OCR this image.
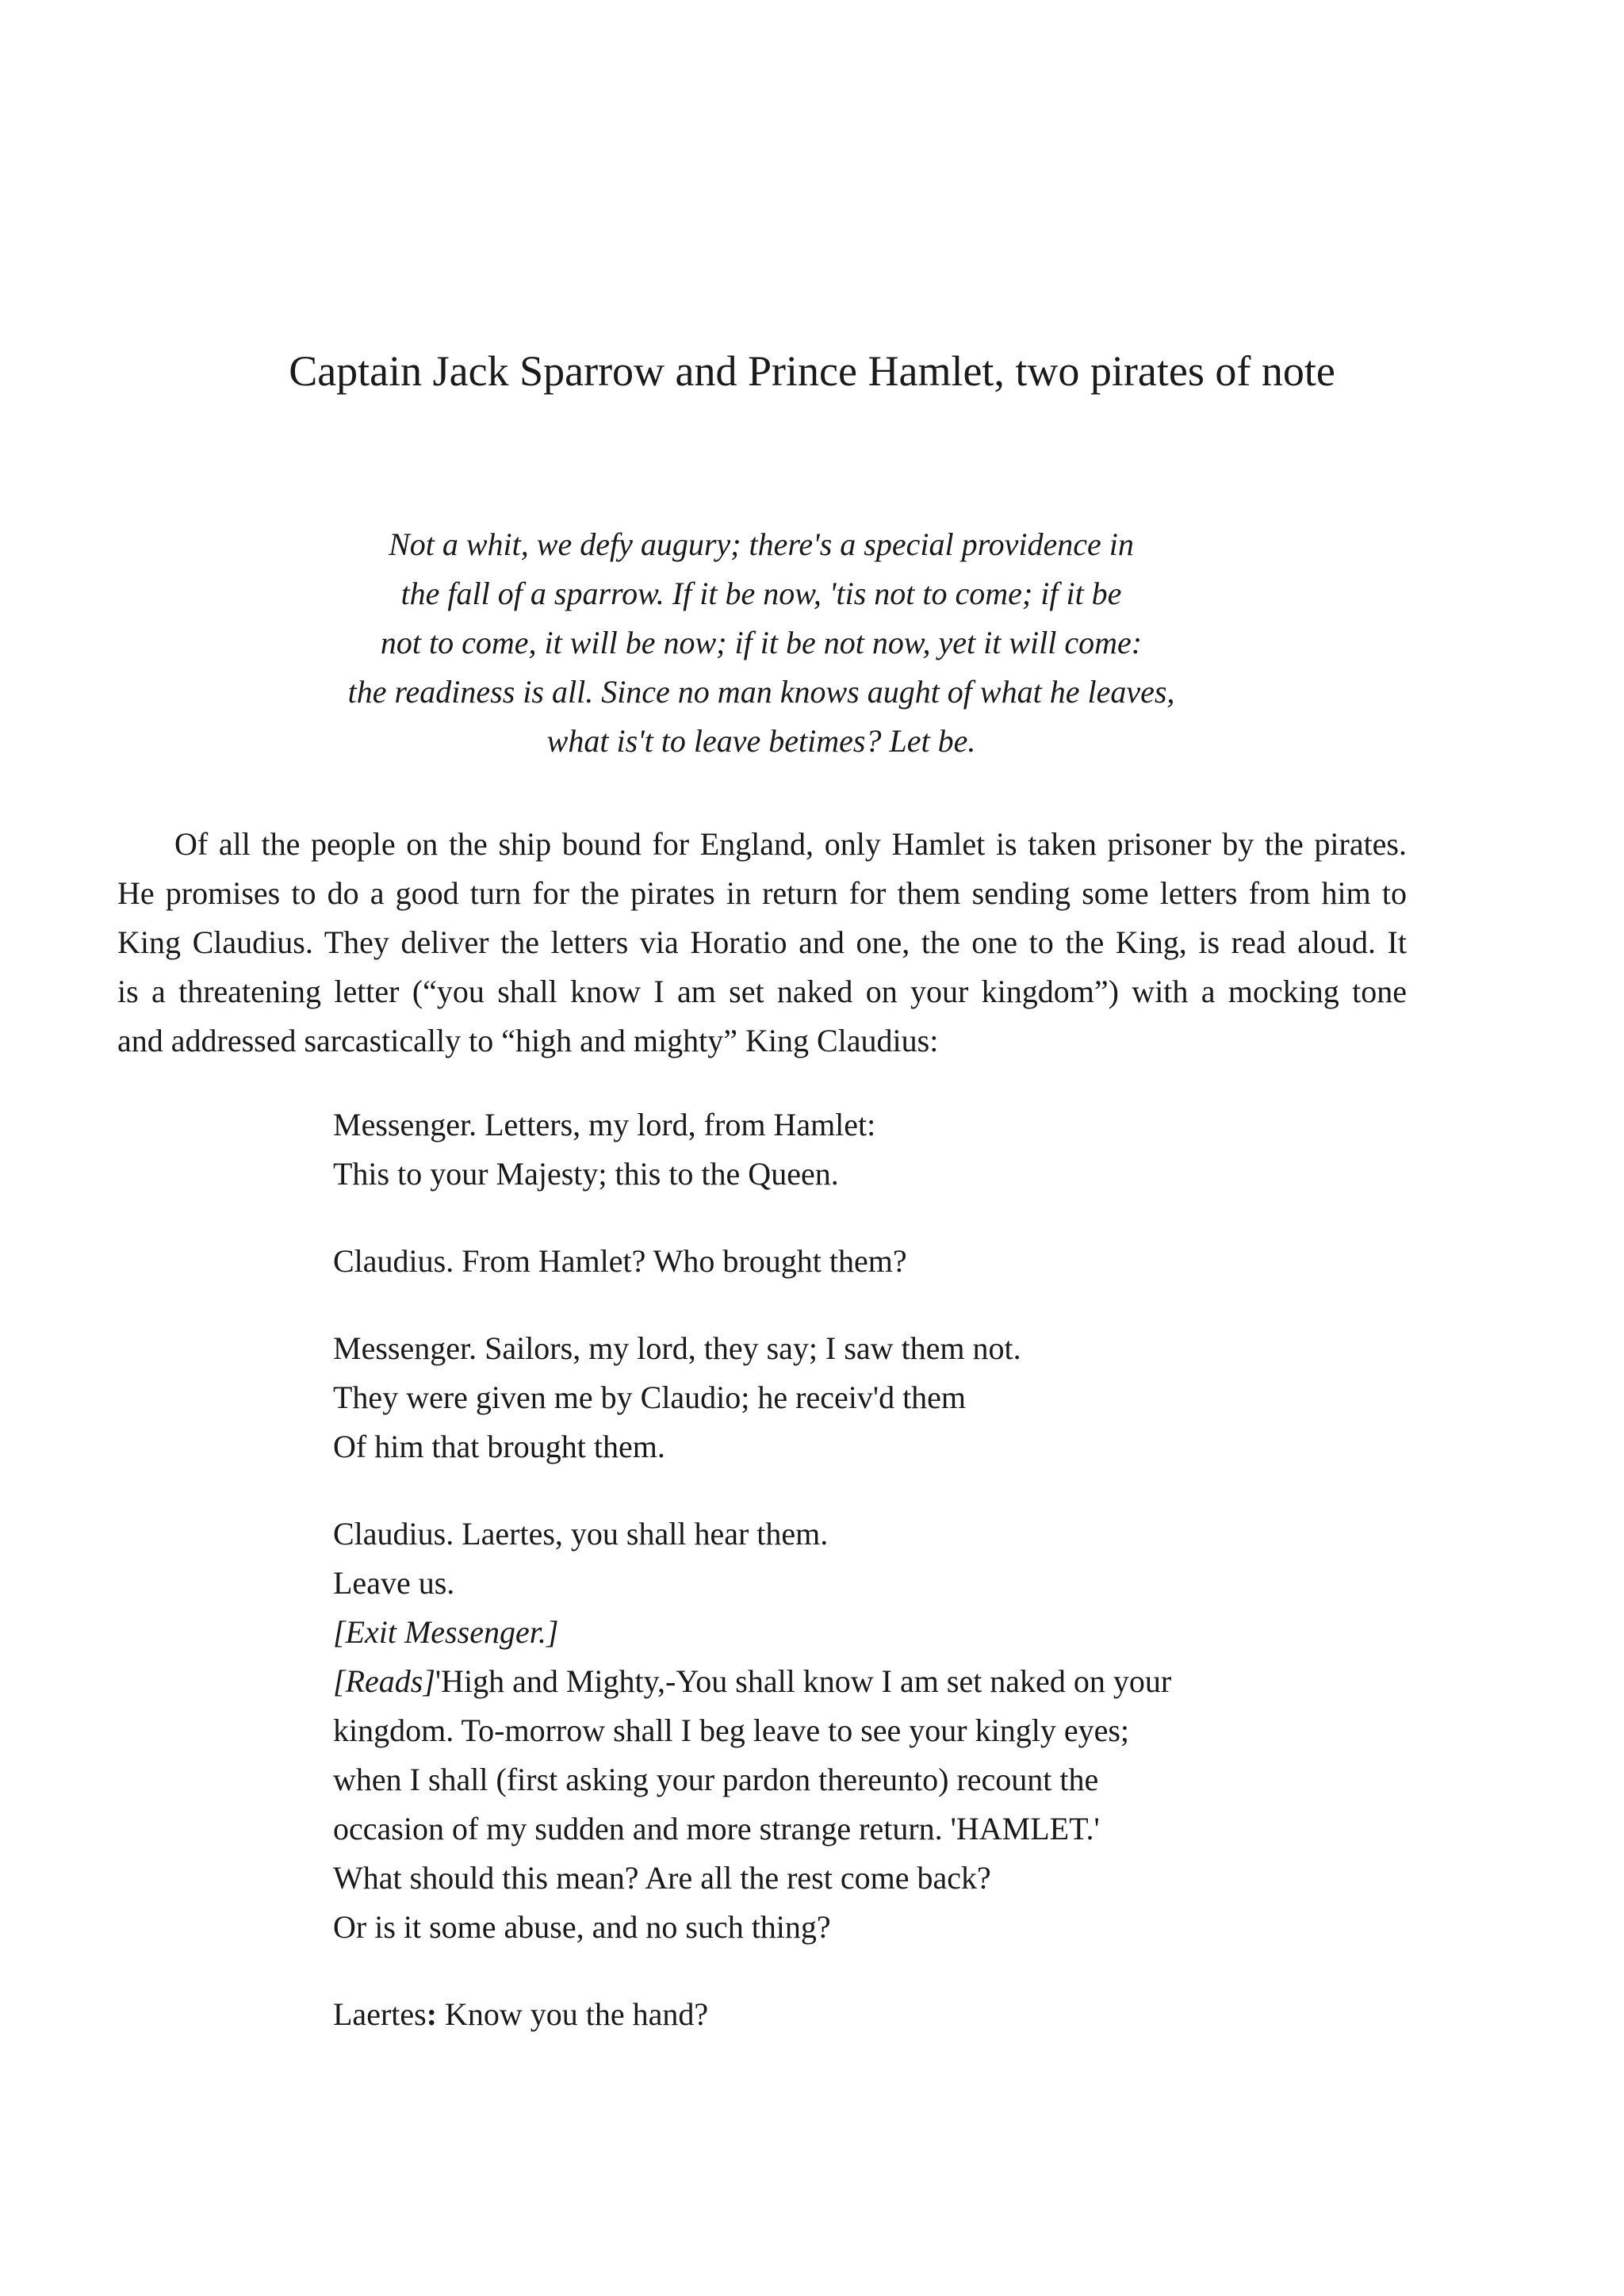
Captain Jack Sparrow and Prince Hamlet, two pirates of note
Not a whit, we defy augury; there's a special providence in
the fall of a sparrow. If it be now, 'tis not to come; if it be
not to come, it will be now; if it be not now, yet it will come:
the readiness is all. Since no man knows aught of what he leaves,
what is't to leave betimes? Let be.

Of all the people on the ship bound for England, only Hamlet is taken prisoner by the pirates.
He promises to do a good turn for the pirates in return for them sending some letters from him to
King Claudius. They deliver the letters via Horatio and one, the one to the King, is read aloud. It
is a threatening letter (“you shall know I am set naked on your kingdom”) with a mocking tone
and addressed sarcastically to “high and mighty” King Claudius:

Messenger. Letters, my lord, from Hamlet:
This to your Majesty; this to the Queen.
Claudius. From Hamlet? Who brought them?
Messenger. Sailors, my lord, they say; I saw them not.
They were given me by Claudio; he receiv'd them
Of him that brought them.
Claudius. Laertes, you shall hear them.
Leave us.
[Exit Messenger.]
[Reads]'High and Mighty,-You shall know I am set naked on your
kingdom. To-morrow shall I beg leave to see your kingly eyes;
when I shall (first asking your pardon thereunto) recount the
occasion of my sudden and more strange return. 'HAMLET.'
What should this mean? Are all the rest come back?
Or is it some abuse, and no such thing?
Laertes: Know you the hand?
